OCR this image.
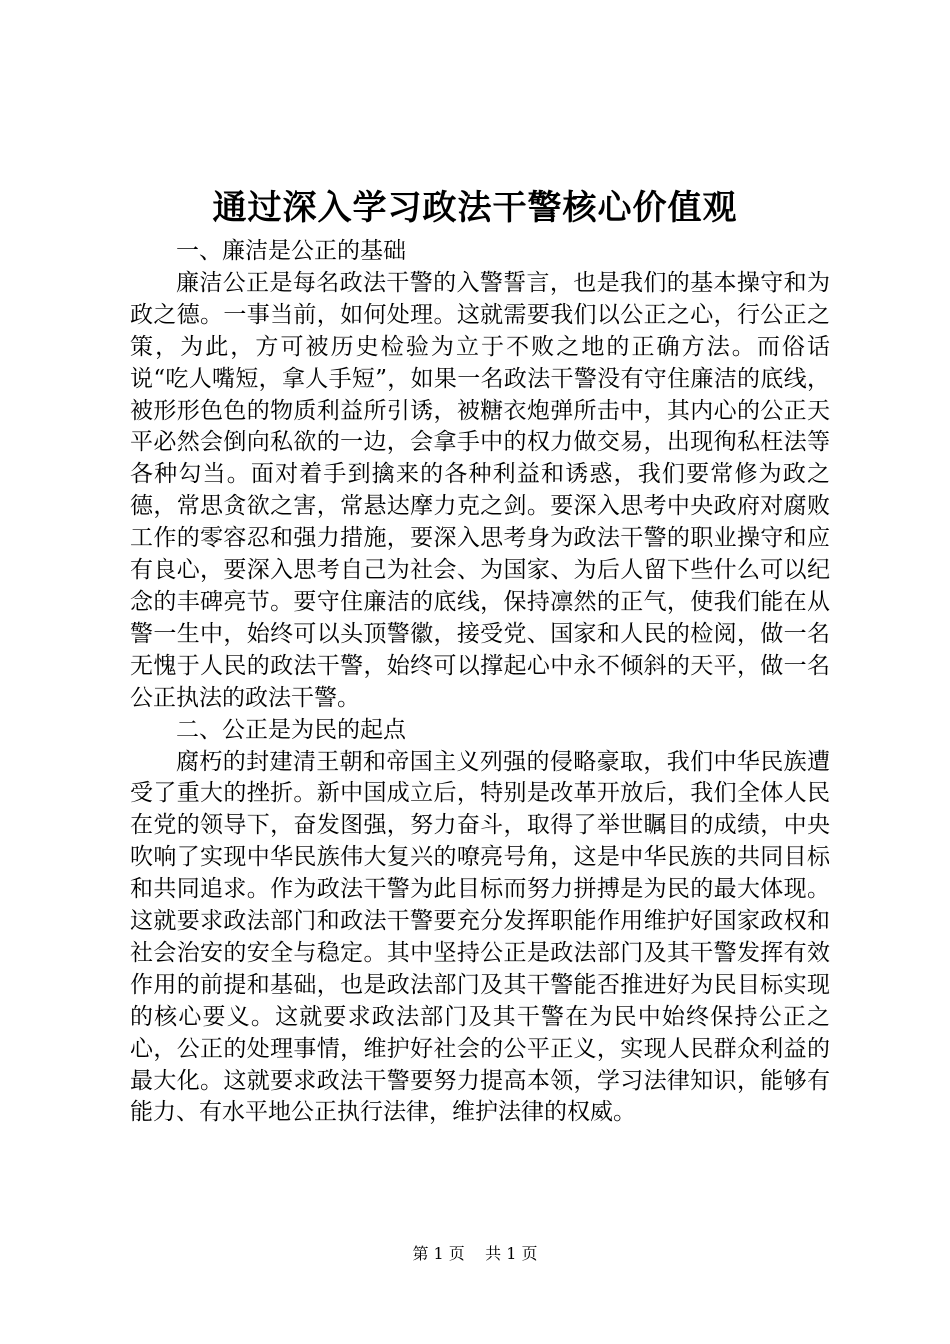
通过深入学习政法干警核心价值观
一、廉洁是公正的基础

廉洁公正是每名政法干警的入警誓言，也是我们的基本操守和为政之德。一事当前，如何处理。这就需要我们以公正之心，行公正之策，为此，方可被历史检验为立于不败之地的正确方法。而俗话说“吃人嘴短，拿人手短”，如果一名政法干警没有守住廉洁的底线，被形形色色的物质利益所引诱，被糖衣炮弹所击中，其内心的公正天平必然会倒向私欲的一边，会拿手中的权力做交易，出现徇私枉法等各种勾当。面对着手到擒来的各种利益和诱惑，我们要常修为政之德，常思贪欲之害，常悬达摩力克之剑。要深入思考中央政府对腐败工作的零容忍和强力措施，要深入思考身为政法干警的职业操守和应有良心，要深入思考自己为社会、为国家、为后人留下些什么可以纪念的丰碑亮节。要守住廉洁的底线，保持凛然的正气，使我们能在从警一生中，始终可以头顶警徽，接受党、国家和人民的检阅，做一名无愧于人民的政法干警，始终可以撑起心中永不倾斜的天平，做一名公正执法的政法干警。

二、公正是为民的起点

腐朽的封建清王朝和帝国主义列强的侵略豪取，我们中华民族遭受了重大的挫折。新中国成立后，特别是改革开放后，我们全体人民在党的领导下，奋发图强，努力奋斗，取得了举世瞩目的成绩，中央吹响了实现中华民族伟大复兴的嘹亮号角，这是中华民族的共同目标和共同追求。作为政法干警为此目标而努力拼搏是为民的最大体现。这就要求政法部门和政法干警要充分发挥职能作用维护好国家政权和社会治安的安全与稳定。其中坚持公正是政法部门及其干警发挥有效作用的前提和基础，也是政法部门及其干警能否推进好为民目标实现的核心要义。这就要求政法部门及其干警在为民中始终保持公正之心，公正的处理事情，维护好社会的公平正义，实现人民群众利益的最大化。这就要求政法干警要努力提高本领，学习法律知识，能够有能力、有水平地公正执行法律，维护法律的权威。

第 1 页 共 1 页
